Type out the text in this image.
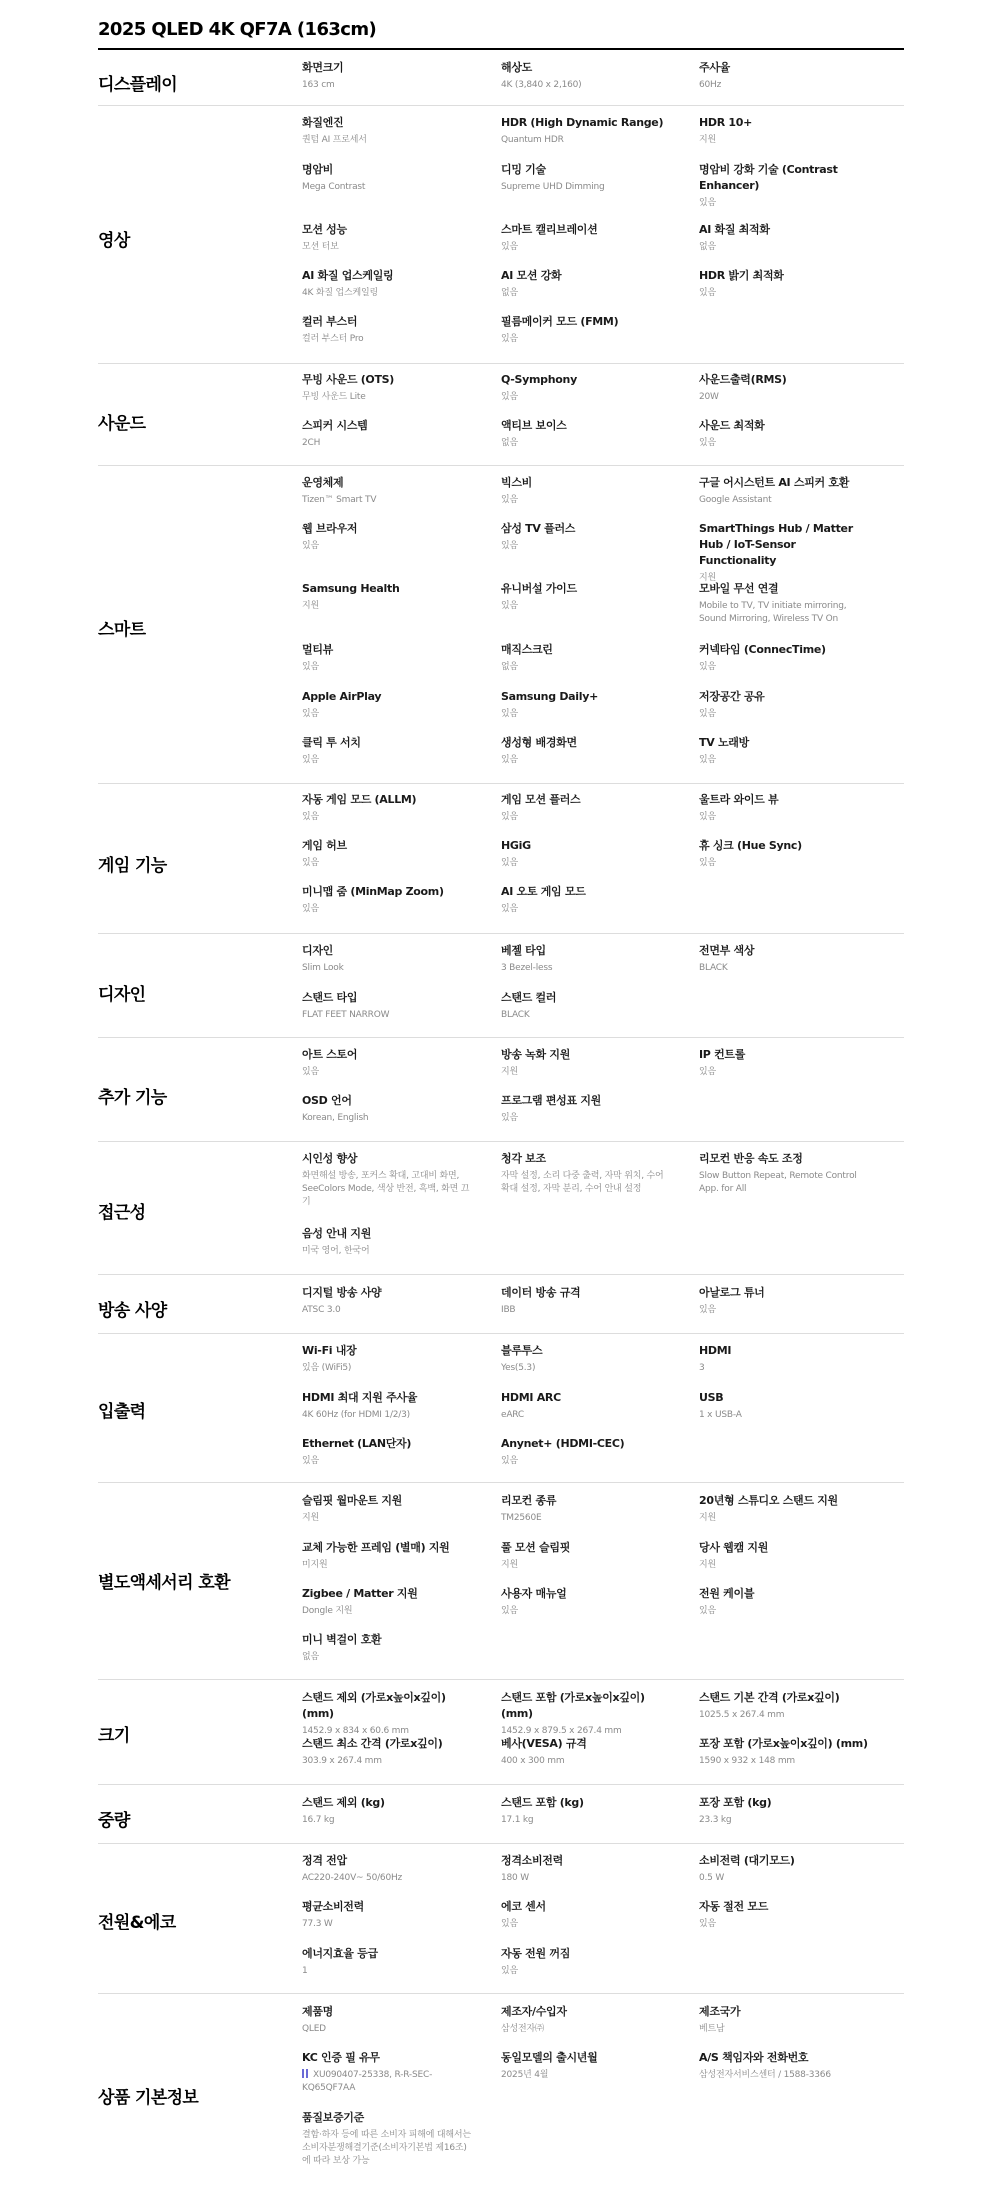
2025 QLED 4K QF7A (163cm)
디스플레이
화면크기
163 cm
해상도
4K (3,840 x 2,160)
주사율
60Hz
영상
화질엔진
퀀텀 AI 프로세서
HDR (High Dynamic Range)
Quantum HDR
HDR 10+
지원
명암비
Mega Contrast
디밍 기술
Supreme UHD Dimming
명암비 강화 기술 (Contrast Enhancer)
있음
모션 성능
모션 터보
스마트 캘리브레이션
있음
AI 화질 최적화
없음
AI 화질 업스케일링
4K 화질 업스케일링
AI 모션 강화
없음
HDR 밝기 최적화
있음
컬러 부스터
컬러 부스터 Pro
필름메이커 모드 (FMM)
있음
사운드
무빙 사운드 (OTS)
무빙 사운드 Lite
Q-Symphony
있음
사운드출력(RMS)
20W
스피커 시스템
2CH
액티브 보이스
없음
사운드 최적화
있음
스마트
운영체제
Tizen™ Smart TV
빅스비
있음
구글 어시스턴트 AI 스피커 호환
Google Assistant
웹 브라우저
있음
삼성 TV 플러스
있음
SmartThings Hub / Matter Hub / IoT-Sensor Functionality
지원
Samsung Health
지원
유니버설 가이드
있음
모바일 무선 연결
Mobile to TV, TV initiate mirroring, Sound Mirroring, Wireless TV On
멀티뷰
있음
매직스크린
없음
커넥타임 (ConnecTime)
있음
Apple AirPlay
있음
Samsung Daily+
있음
저장공간 공유
있음
클릭 투 서치
있음
생성형 배경화면
있음
TV 노래방
있음
게임 기능
자동 게임 모드 (ALLM)
있음
게임 모션 플러스
있음
울트라 와이드 뷰
있음
게임 허브
있음
HGiG
있음
휴 싱크 (Hue Sync)
있음
미니맵 줌 (MinMap Zoom)
있음
AI 오토 게임 모드
있음
디자인
디자인
Slim Look
베젤 타입
3 Bezel-less
전면부 색상
BLACK
스탠드 타입
FLAT FEET NARROW
스탠드 컬러
BLACK
추가 기능
아트 스토어
있음
방송 녹화 지원
지원
IP 컨트롤
있음
OSD 언어
Korean, English
프로그램 편성표 지원
있음
접근성
시인성 향상
화면해설 방송, 포커스 확대, 고대비 화면, SeeColors Mode, 색상 반전, 흑백, 화면 끄기
청각 보조
자막 설정, 소리 다중 출력, 자막 위치, 수어 확대 설정, 자막 분리, 수어 안내 설정
리모컨 반응 속도 조정
Slow Button Repeat, Remote Control App. for All
음성 안내 지원
미국 영어, 한국어
방송 사양
디지털 방송 사양
ATSC 3.0
데이터 방송 규격
IBB
아날로그 튜너
있음
입출력
Wi-Fi 내장
있음 (WiFi5)
블루투스
Yes(5.3)
HDMI
3
HDMI 최대 지원 주사율
4K 60Hz (for HDMI 1/2/3)
HDMI ARC
eARC
USB
1 x USB-A
Ethernet (LAN단자)
있음
Anynet+ (HDMI-CEC)
있음
별도액세서리 호환
슬림핏 월마운트 지원
지원
리모컨 종류
TM2560E
20년형 스튜디오 스탠드 지원
지원
교체 가능한 프레임 (별매) 지원
미지원
풀 모션 슬림핏
지원
당사 웹캠 지원
지원
Zigbee / Matter 지원
Dongle 지원
사용자 매뉴얼
있음
전원 케이블
있음
미니 벽걸이 호환
없음
크기
스탠드 제외 (가로x높이x깊이)(mm)
1452.9 x 834 x 60.6 mm
스탠드 포함 (가로x높이x깊이) (mm)
1452.9 x 879.5 x 267.4 mm
스탠드 기본 간격 (가로x깊이)
1025.5 x 267.4 mm
스탠드 최소 간격 (가로x깊이)
303.9 x 267.4 mm
베사(VESA) 규격
400 x 300 mm
포장 포함 (가로x높이x깊이) (mm)
1590 x 932 x 148 mm
중량
스탠드 제외 (kg)
16.7 kg
스탠드 포함 (kg)
17.1 kg
포장 포함 (kg)
23.3 kg
전원&에코
정격 전압
AC220-240V~ 50/60Hz
정격소비전력
180 W
소비전력 (대기모드)
0.5 W
평균소비전력
77.3 W
에코 센서
있음
자동 절전 모드
있음
에너지효율 등급
1
자동 전원 꺼짐
있음
상품 기본정보
제품명
QLED
제조자/수입자
삼성전자㈜
제조국가
베트남
KC 인증 필 유무
XU090407-25338, R-R-SEC-KQ65QF7AA
동일모델의 출시년월
2025년 4월
A/S 책임자와 전화번호
삼성전자서비스센터 / 1588-3366
품질보증기준
결함·하자 등에 따른 소비자 피해에 대해서는 소비자분쟁해결기준(소비자기본법 제16조)에 따라 보상 가능
